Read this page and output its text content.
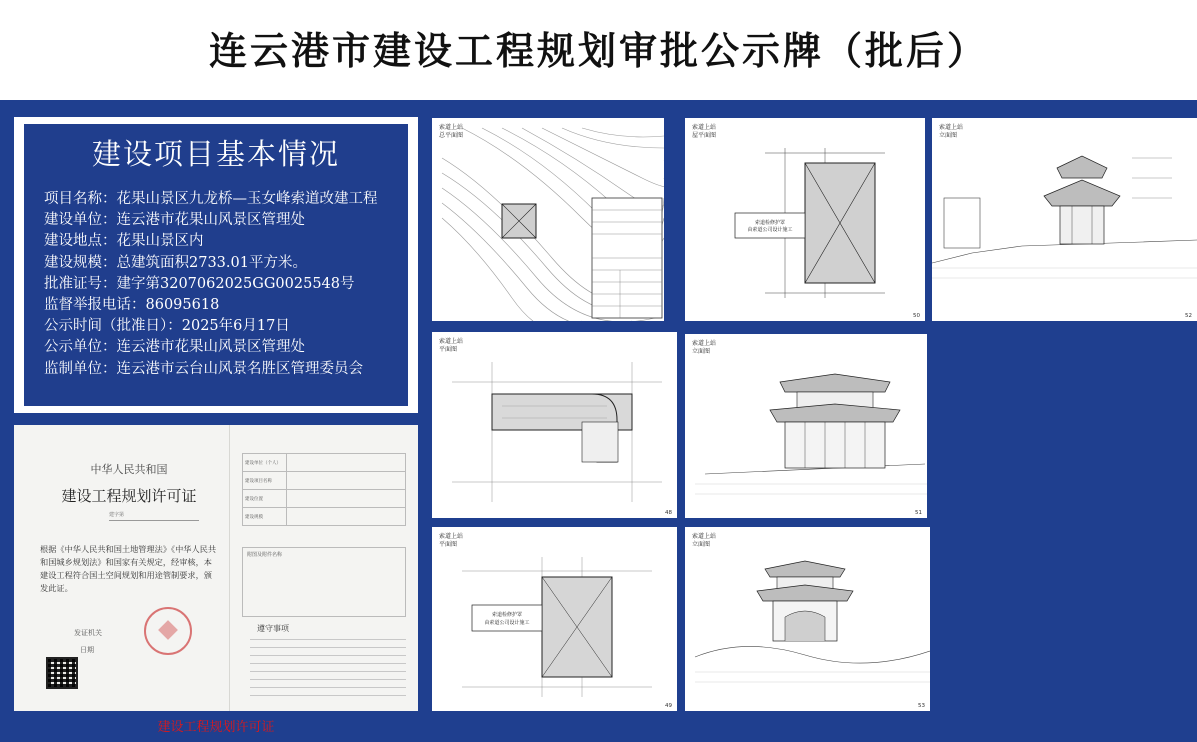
连云港市建设工程规划审批公示牌（批后）
建设项目基本情况
项目名称：花果山景区九龙桥—玉女峰索道改建工程
建设单位：连云港市花果山风景区管理处
建设地点：花果山景区内
建设规模：总建筑面积2733.01平方米。
批准证号：建字第3207062025GG0025548号
监督举报电话：86095618
公示时间（批准日）：2025年6月17日
公示单位：连云港市花果山风景区管理处
监制单位：连云港市云台山风景名胜区管理委员会
中华人民共和国
建设工程规划许可证
建字第
根据《中华人民共和国土地管理法》《中华人民共和国城乡规划法》和国家有关规定，经审核，本建设工程符合国土空间规划和用途管制要求，颁发此证。
发证机关
日期
建设单位（个人）	
建设项目名称	
建设位置	
建设规模	
附图及附件名称
遵守事项
建设工程规划许可证
索道上站
总平面图
索道检修护罩
由索道公司设计施工
索道上站
屋平面图
50
索道上站
立面图
52
索道上站
平面图
48
索道上站
立面图
51
索道检修护罩
由索道公司设计施工
索道上站
平面图
49
索道上站
立面图
53
